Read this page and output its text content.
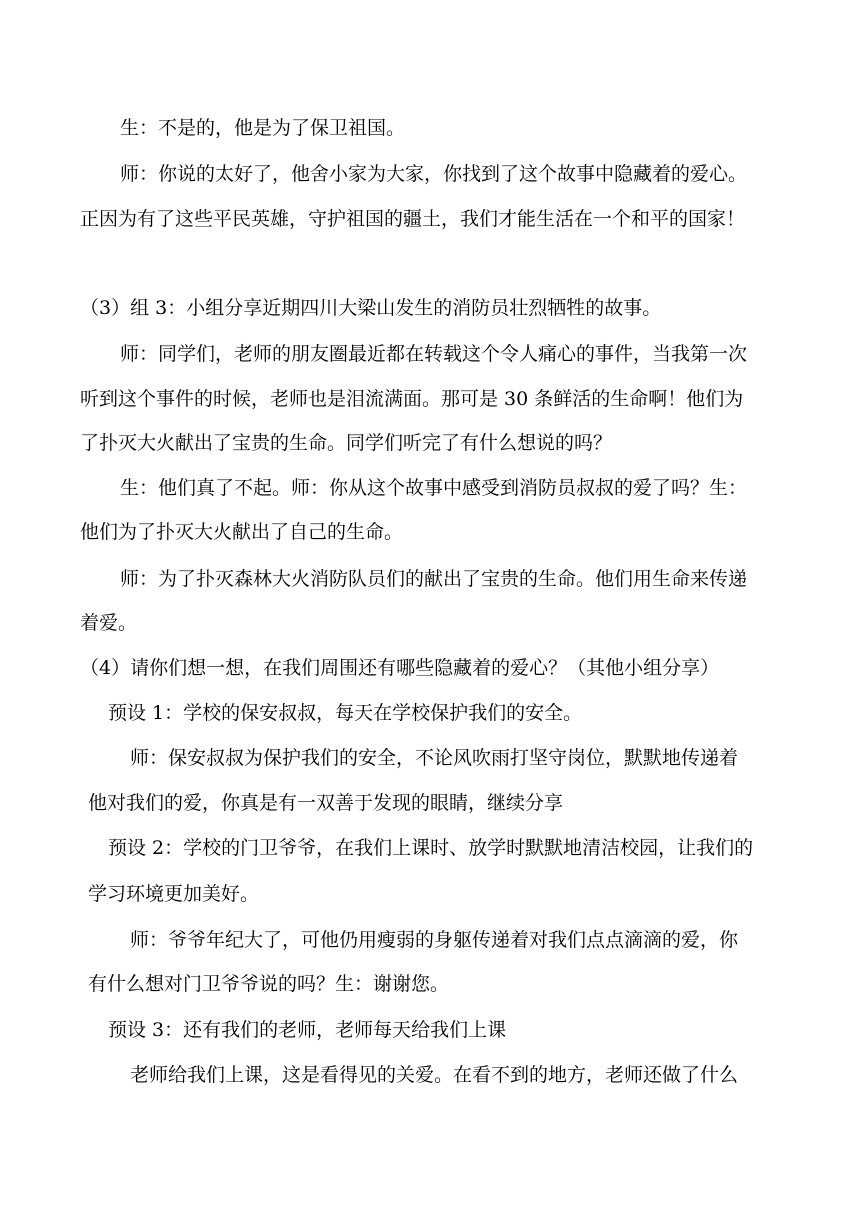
生：不是的，他是为了保卫祖国。
师：你说的太好了，他舍小家为大家，你找到了这个故事中隐藏着的爱心。
正因为有了这些平民英雄，守护祖国的疆土，我们才能生活在一个和平的国家！
（3）组 3：小组分享近期四川大梁山发生的消防员壮烈牺牲的故事。
师：同学们，老师的朋友圈最近都在转载这个令人痛心的事件，当我第一次
听到这个事件的时候，老师也是泪流满面。那可是 30 条鲜活的生命啊！他们为
了扑灭大火献出了宝贵的生命。同学们听完了有什么想说的吗？
生：他们真了不起。师：你从这个故事中感受到消防员叔叔的爱了吗？生：
他们为了扑灭大火献出了自己的生命。
师：为了扑灭森林大火消防队员们的献出了宝贵的生命。他们用生命来传递
着爱。
（4）请你们想一想，在我们周围还有哪些隐藏着的爱心？（其他小组分享）
预设 1：学校的保安叔叔，每天在学校保护我们的安全。
师：保安叔叔为保护我们的安全，不论风吹雨打坚守岗位，默默地传递着
他对我们的爱，你真是有一双善于发现的眼睛，继续分享
预设 2：学校的门卫爷爷，在我们上课时、放学时默默地清洁校园，让我们的
学习环境更加美好。
师：爷爷年纪大了，可他仍用瘦弱的身躯传递着对我们点点滴滴的爱，你
有什么想对门卫爷爷说的吗？生：谢谢您。
预设 3：还有我们的老师，老师每天给我们上课
老师给我们上课，这是看得见的关爱。在看不到的地方，老师还做了什么
